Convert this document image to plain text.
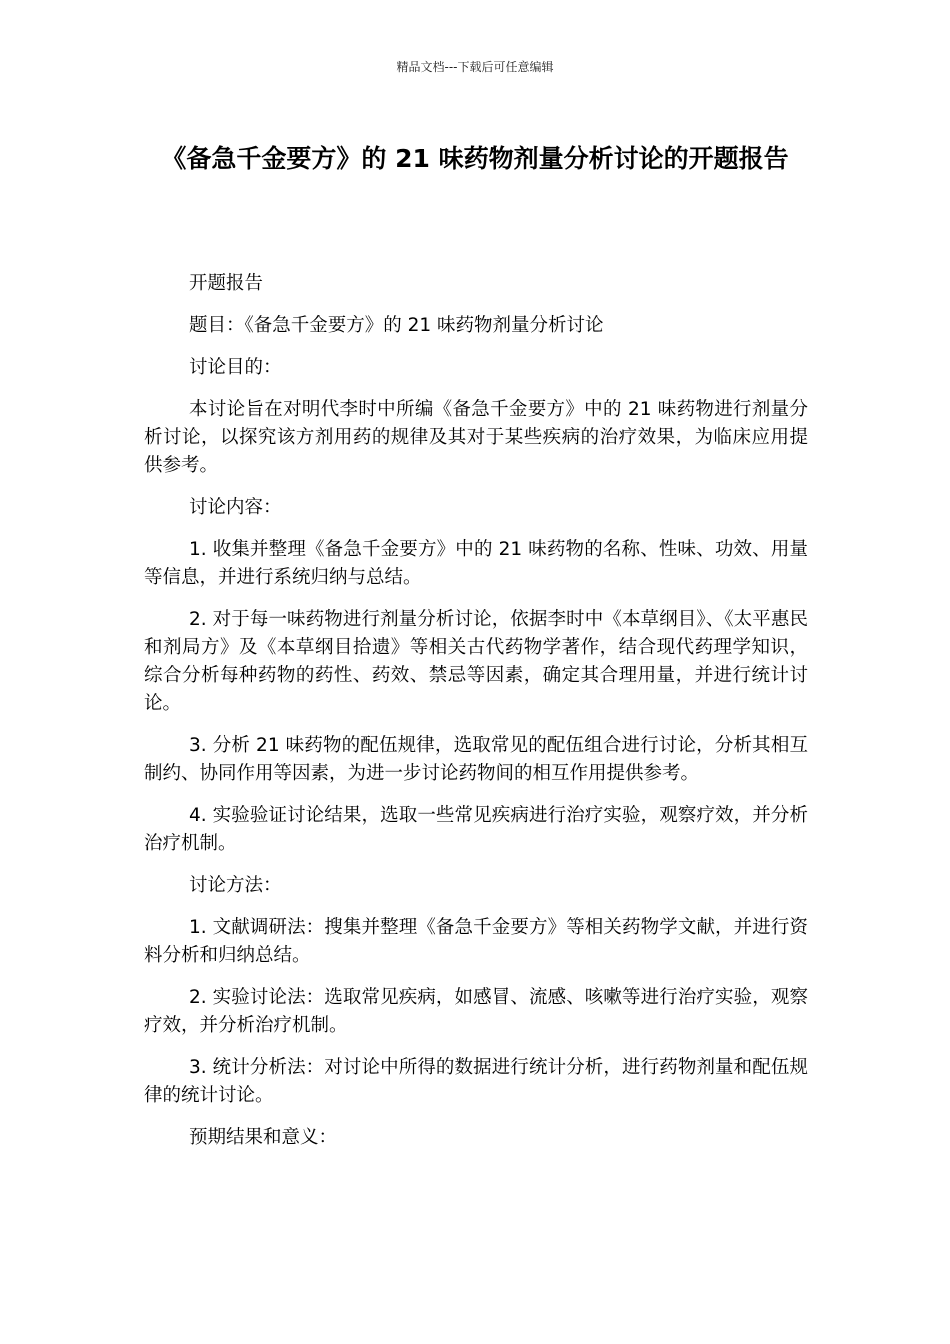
精品文档---下载后可任意编辑
《备急千金要方》的 21 味药物剂量分析讨论的开题报告

开题报告

题目：《备急千金要方》的 21 味药物剂量分析讨论

讨论目的：

本讨论旨在对明代李时中所编《备急千金要方》中的 21 味药物进行剂量分析讨论，以探究该方剂用药的规律及其对于某些疾病的治疗效果，为临床应用提供参考。

讨论内容：

1. 收集并整理《备急千金要方》中的 21 味药物的名称、性味、功效、用量等信息，并进行系统归纳与总结。

2. 对于每一味药物进行剂量分析讨论，依据李时中《本草纲目》、《太平惠民和剂局方》及《本草纲目拾遗》等相关古代药物学著作，结合现代药理学知识，综合分析每种药物的药性、药效、禁忌等因素，确定其合理用量，并进行统计讨论。

3. 分析 21 味药物的配伍规律，选取常见的配伍组合进行讨论，分析其相互制约、协同作用等因素，为进一步讨论药物间的相互作用提供参考。

4. 实验验证讨论结果，选取一些常见疾病进行治疗实验，观察疗效，并分析治疗机制。

讨论方法：

1. 文献调研法：搜集并整理《备急千金要方》等相关药物学文献，并进行资料分析和归纳总结。

2. 实验讨论法：选取常见疾病，如感冒、流感、咳嗽等进行治疗实验，观察疗效，并分析治疗机制。

3. 统计分析法：对讨论中所得的数据进行统计分析，进行药物剂量和配伍规律的统计讨论。

预期结果和意义：
